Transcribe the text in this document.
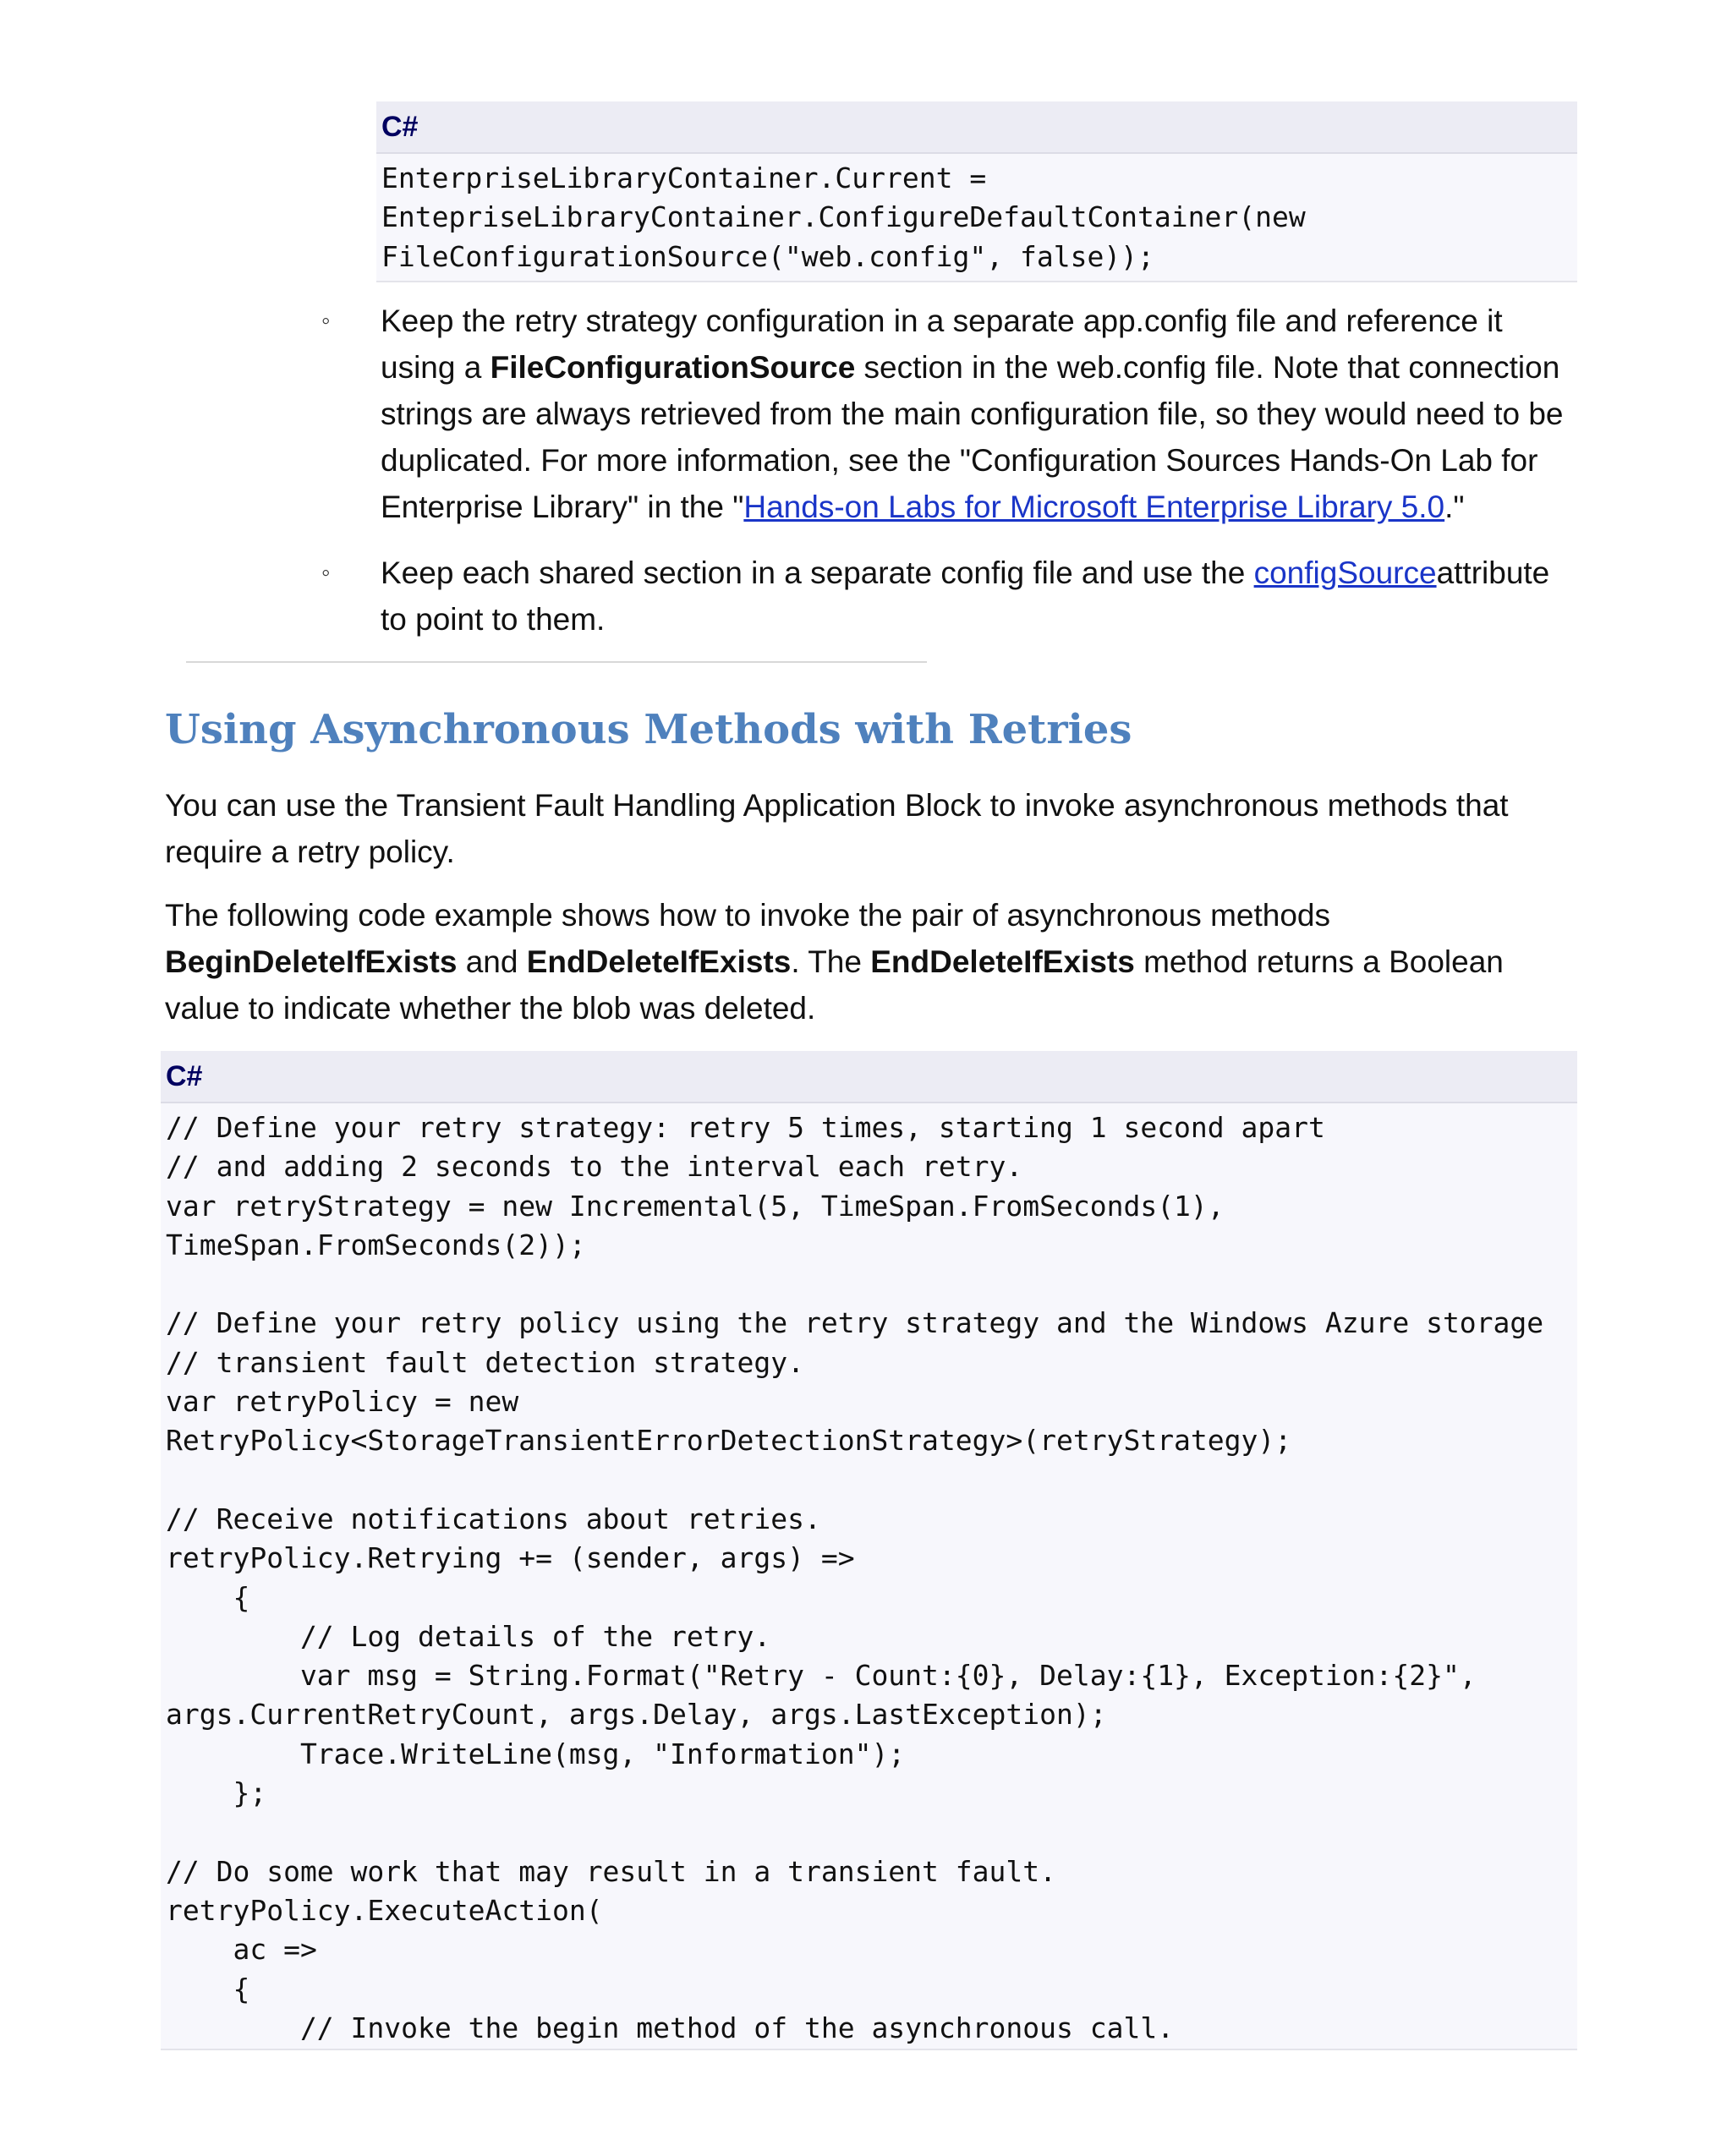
C#
EnterpriseLibraryContainer.Current =
EntepriseLibraryContainer.ConfigureDefaultContainer(new
FileConfigurationSource("web.config", false));
◦ Keep the retry strategy configuration in a separate app.config file and reference it using a FileConfigurationSource section in the web.config file. Note that connection strings are always retrieved from the main configuration file, so they would need to be duplicated. For more information, see the "Configuration Sources Hands-On Lab for Enterprise Library" in the "Hands-on Labs for Microsoft Enterprise Library 5.0."
◦ Keep each shared section in a separate config file and use the configSourceattribute to point to them.
Using Asynchronous Methods with Retries

You can use the Transient Fault Handling Application Block to invoke asynchronous methods that require a retry policy.

The following code example shows how to invoke the pair of asynchronous methods BeginDeleteIfExists and EndDeleteIfExists. The EndDeleteIfExists method returns a Boolean value to indicate whether the blob was deleted.

C#
// Define your retry strategy: retry 5 times, starting 1 second apart
// and adding 2 seconds to the interval each retry.
var retryStrategy = new Incremental(5, TimeSpan.FromSeconds(1),
TimeSpan.FromSeconds(2));

// Define your retry policy using the retry strategy and the Windows Azure storage
// transient fault detection strategy.
var retryPolicy = new
RetryPolicy<StorageTransientErrorDetectionStrategy>(retryStrategy);

// Receive notifications about retries.
retryPolicy.Retrying += (sender, args) =>
{
// Log details of the retry.
var msg = String.Format("Retry - Count:{0}, Delay:{1}, Exception:{2}",
args.CurrentRetryCount, args.Delay, args.LastException);
Trace.WriteLine(msg, "Information");
};

// Do some work that may result in a transient fault.
retryPolicy.ExecuteAction(
ac =>
{
// Invoke the begin method of the asynchronous call.
